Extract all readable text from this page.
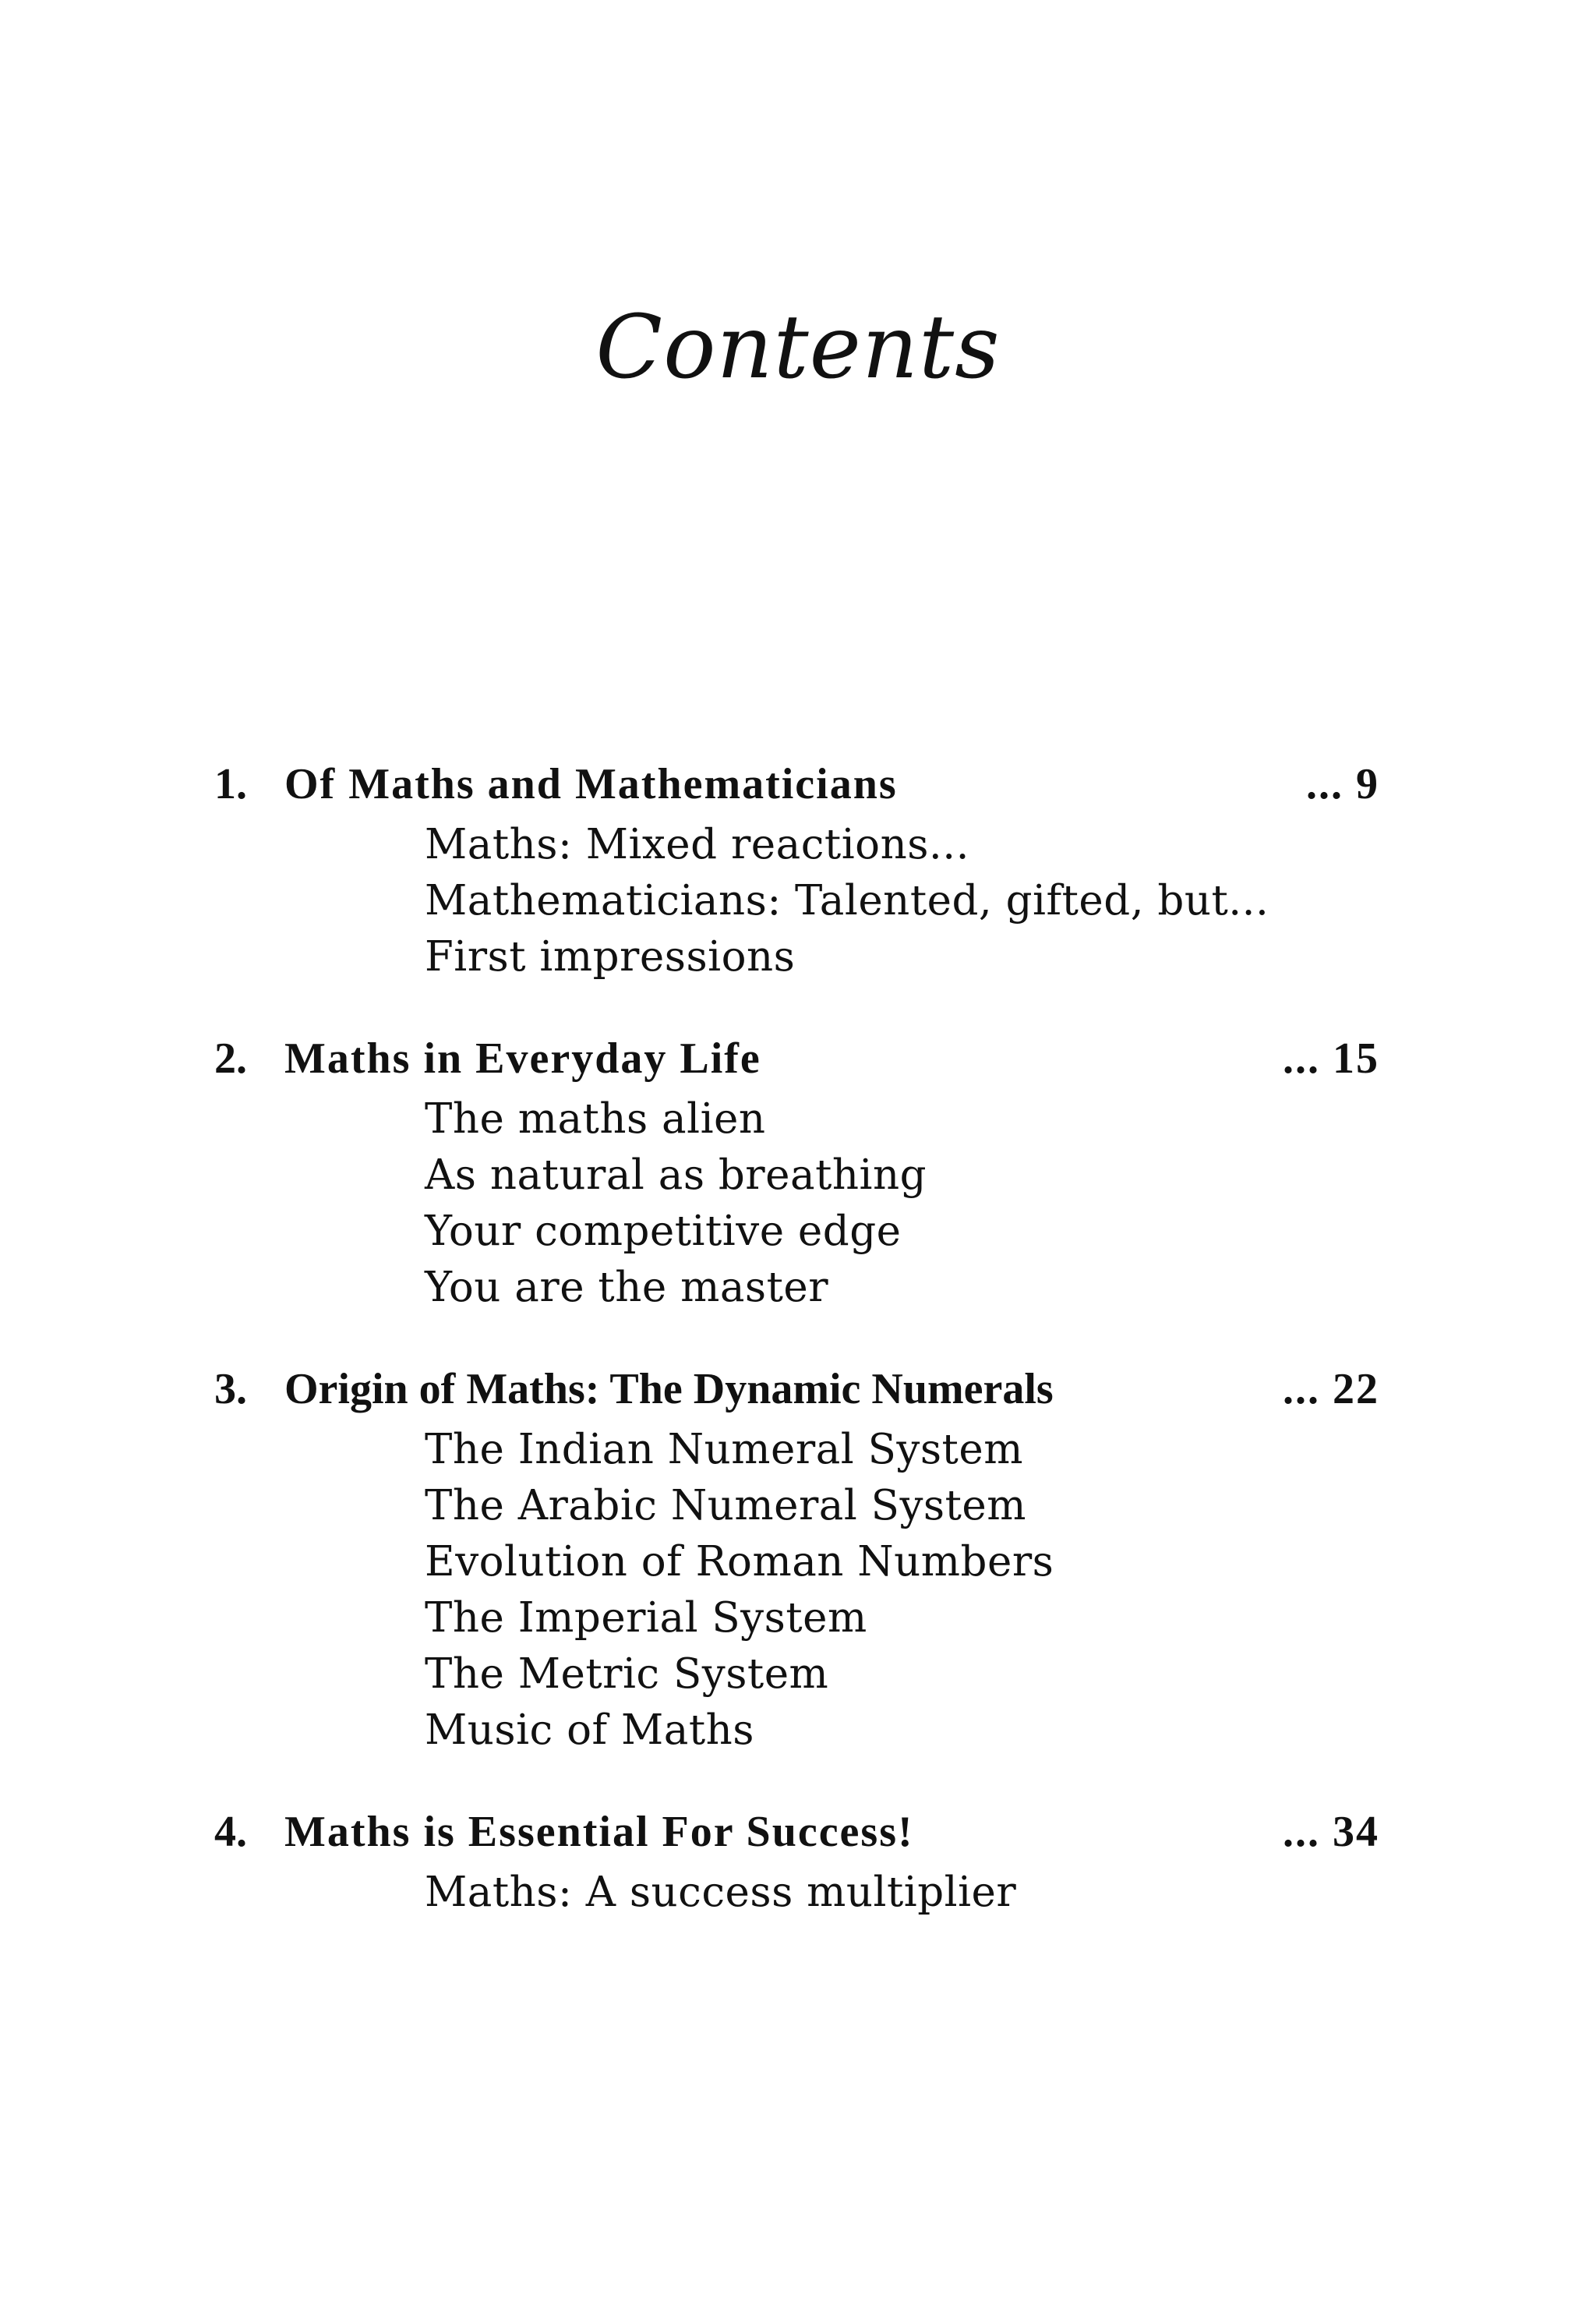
Contents
1. Of Maths and Mathematicians	... 9
Maths: Mixed reactions...
Mathematicians: Talented, gifted, but...
First impressions
2. Maths in Everyday Life	... 15
The maths alien
As natural as breathing
Your competitive edge
You are the master
3. Origin of Maths: The Dynamic Numerals	... 22
The Indian Numeral System
The Arabic Numeral System
Evolution of Roman Numbers
The Imperial System
The Metric System
Music of Maths
4. Maths is Essential For Success!	... 34
Maths: A success multiplier
